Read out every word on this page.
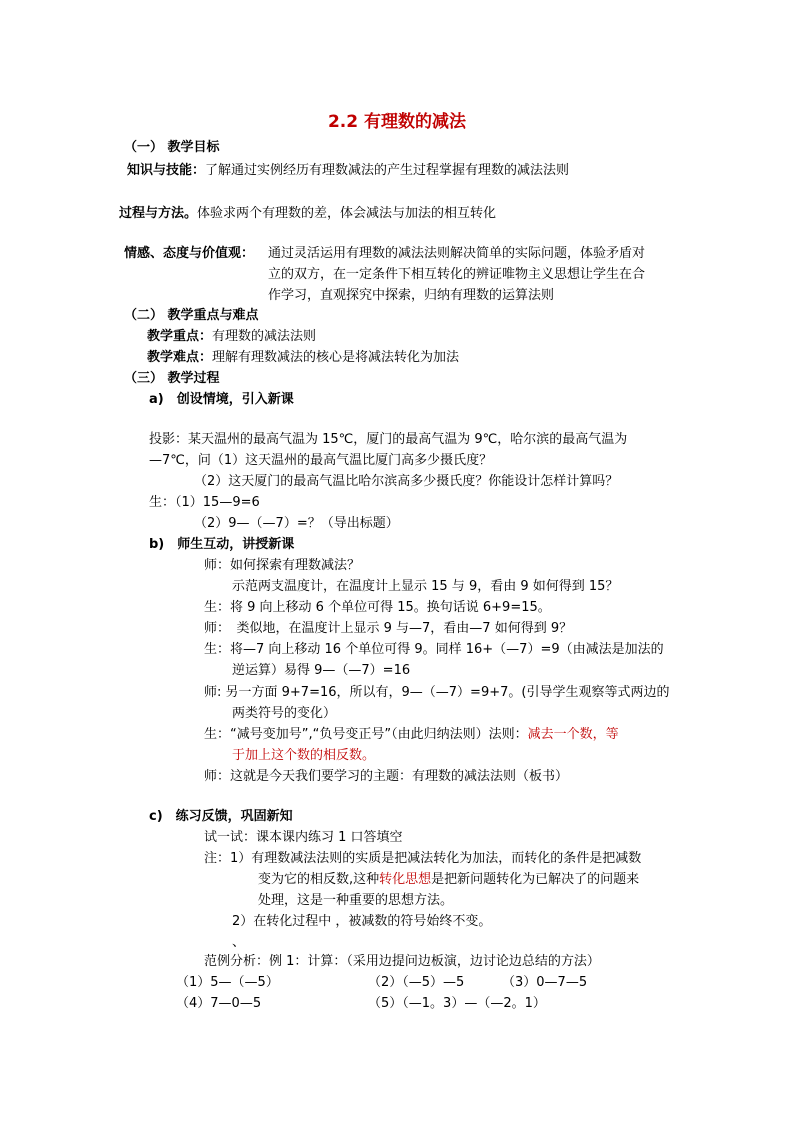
2.2 有理数的减法
（一） 教学目标
知识与技能：了解通过实例经历有理数减法的产生过程掌握有理数的减法法则
过程与方法。体验求两个有理数的差，体会减法与加法的相互转化
情感、态度与价值观： 通过灵活运用有理数的减法法则解决简单的实际问题，体验矛盾对
立的双方，在一定条件下相互转化的辨证唯物主义思想让学生在合
作学习，直观探究中探索，归纳有理数的运算法则
（二） 教学重点与难点
教学重点：有理数的减法法则
教学难点：理解有理数减法的核心是将减法转化为加法
（三） 教学过程
a)　创设情境，引入新课
投影：某天温州的最高气温为 15℃，厦门的最高气温为 9℃，哈尔滨的最高气温为
—7℃，问（1）这天温州的最高气温比厦门高多少摄氏度？
（2）这天厦门的最高气温比哈尔滨高多少摄氏度？你能设计怎样计算吗？
生：（1）15—9=6
（2）9—（—7）=？（导出标题）
b)　师生互动，讲授新课
师：如何探索有理数减法？
示范两支温度计，在温度计上显示 15 与 9，看由 9 如何得到 15？
生：将 9 向上移动 6 个单位可得 15。换句话说 6+9=15。
师：　类似地，在温度计上显示 9 与—7，看由—7 如何得到 9？
生：将—7 向上移动 16 个单位可得 9。同样 16+（—7）=9（由减法是加法的
逆运算）易得 9—（—7）=16
师: 另一方面 9+7=16，所以有，9—（—7）=9+7。(引导学生观察等式两边的
两类符号的变化）
生：“减号变加号”,“负号变正号”（由此归纳法则）法则：减去一个数，等
于加上这个数的相反数。
师：这就是今天我们要学习的主题：有理数的减法法则（板书）
c)　练习反馈，巩固新知
试一试：课本课内练习 1 口答填空
注：1）有理数减法法则的实质是把减法转化为加法，而转化的条件是把减数
变为它的相反数,这种转化思想是把新问题转化为已解决了的问题来
处理，这是一种重要的思想方法。
2）在转化过程中 ，被减数的符号始终不变。
、
范例分析：例 1：计算：（采用边提问边板演，边讨论边总结的方法）
（1）5—（—5）	（2）（—5）—5	（3）0—7—5
（4）7—0—5	（5）（—1。3）—（—2。1）
